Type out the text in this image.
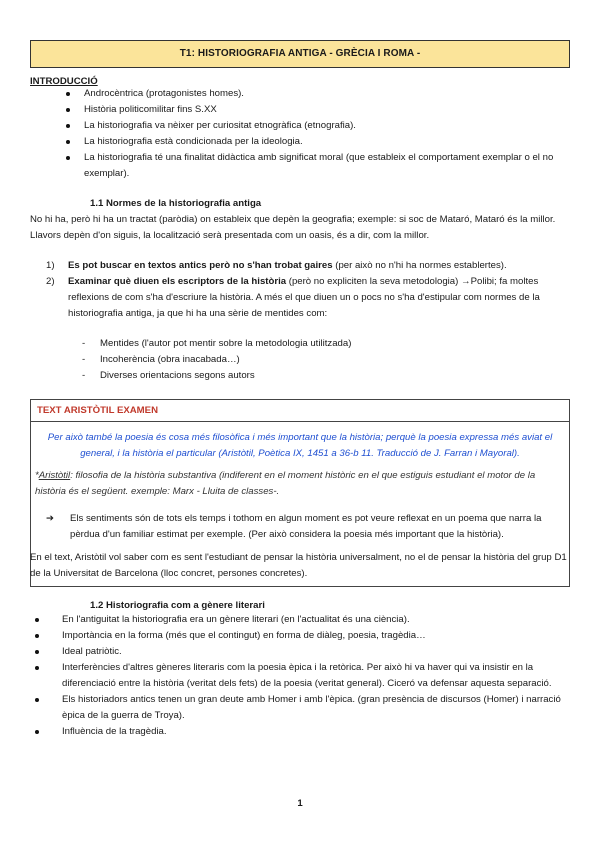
T1: HISTORIOGRAFIA ANTIGA - GRÈCIA I ROMA -
INTRODUCCIÓ
Androcèntrica (protagonistes homes).
Història politicomilitar fins S.XX
La historiografia va nèixer per curiositat etnogràfica (etnografia).
La historiografia està condicionada per la ideologia.
La historiografia té una finalitat didàctica amb significat moral (que estableix el comportament exemplar o el no exemplar).
1.1 Normes de la historiografia antiga
No hi ha, però hi ha un tractat (paròdia) on estableix que depèn la geografia; exemple: si soc de Mataró, Mataró és la millor. Llavors depèn d'on siguis, la localització serà presentada com un oasis, és a dir, com la millor.
1) Es pot buscar en textos antics però no s'han trobat gaires (per això no n'hi ha normes establertes).
2) Examinar què diuen els escriptors de la història (però no expliciten la seva metodologia) →Polibi; fa moltes reflexions de com s'ha d'escriure la història. A més el que diuen un o pocs no s'ha d'estipular com normes de la historiografia antiga, ja que hi ha una sèrie de mentides com:
- Mentides (l'autor pot mentir sobre la metodologia utilitzada)
- Incoherència (obra inacabada…)
- Diverses orientacions segons autors
TEXT ARISTÒTIL EXAMEN
Per això també la poesia és cosa més filosòfica i més important que la història; perquè la poesia expressa més aviat el general, i la història el particular (Aristòtil, Poètica IX, 1451 a 36-b 11. Traducció de J. Farran i Mayoral).
*Aristòtil: filosofia de la història substantiva (indiferent en el moment històric en el que estiguis estudiant el motor de la història és el següent. exemple: Marx - Lluita de classes-.
➔ Els sentiments són de tots els temps i tothom en algun moment es pot veure reflexat en un poema que narra la pèrdua d'un familiar estimat per exemple. (Per això considera la poesia més important que la història).
En el text, Aristòtil vol saber com es sent l'estudiant de pensar la història universalment, no el de pensar la història del grup D1 de la Universitat de Barcelona (lloc concret, persones concretes).
1.2 Historiografia com a gènere literari
En l'antiguitat la historiografia era un gènere literari (en l'actualitat és una ciència).
Importància en la forma (més que el contingut) en forma de diàleg, poesia, tragèdia…
Ideal patriòtic.
Interferències d'altres gèneres literaris com la poesia èpica i la retòrica. Per això hi va haver qui va insistir en la diferenciació entre la història (veritat dels fets) de la poesia (veritat general). Ciceró va defensar aquesta separació.
Els historiadors antics tenen un gran deute amb Homer i amb l'èpica. (gran presència de discursos (Homer) i narració èpica de la guerra de Troya).
Influència de la tragèdia.
1
